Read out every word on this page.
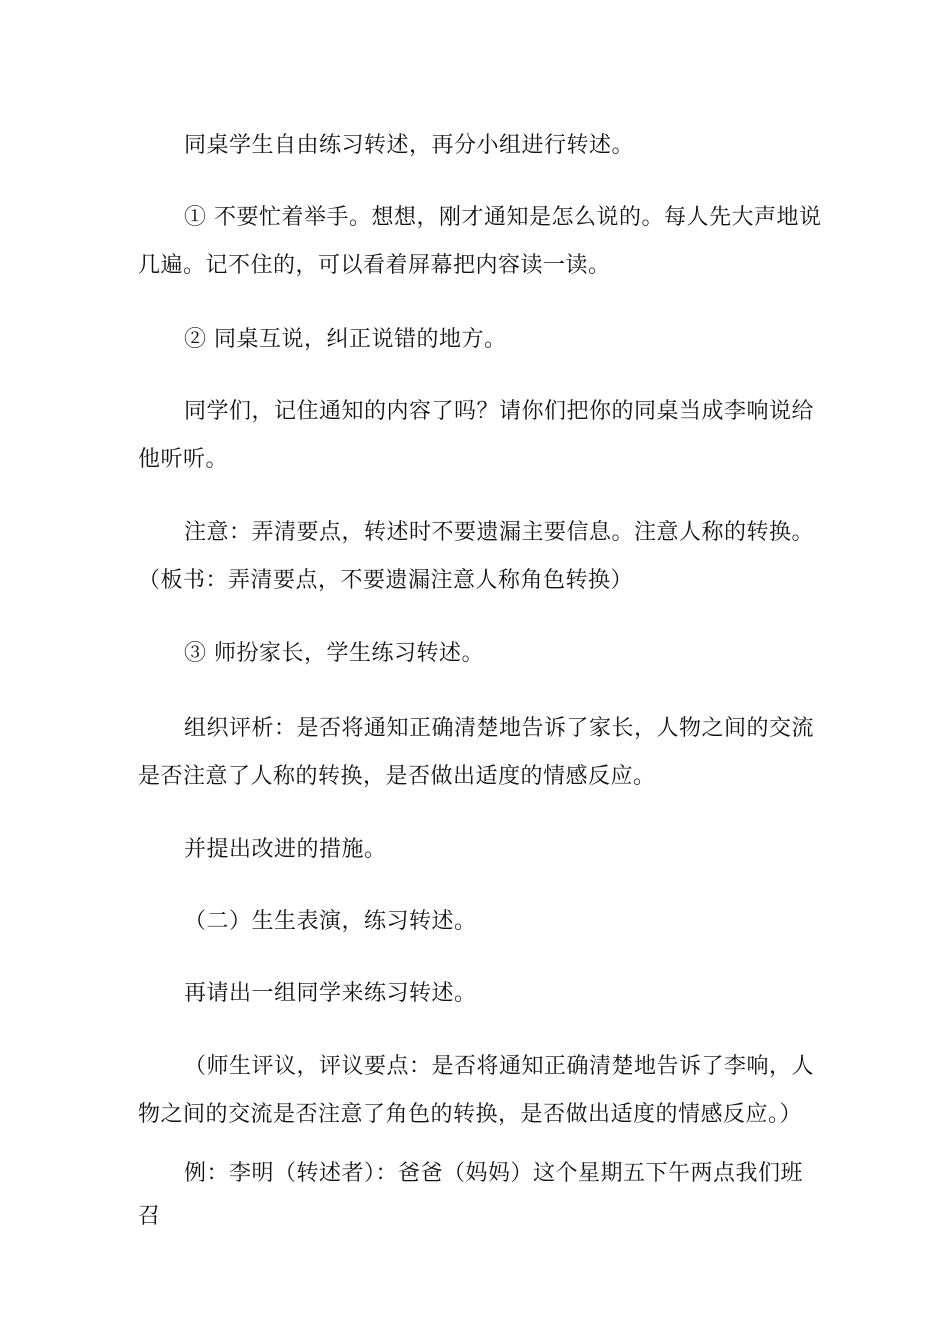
同桌学生自由练习转述，再分小组进行转述。

① 不要忙着举手。想想，刚才通知是怎么说的。每人先大声地说
几遍。记不住的，可以看着屏幕把内容读一读。

② 同桌互说，纠正说错的地方。

同学们，记住通知的内容了吗？请你们把你的同桌当成李响说给
他听听。

注意：弄清要点，转述时不要遗漏主要信息。注意人称的转换。
（板书：弄清要点，不要遗漏注意人称角色转换）

③ 师扮家长，学生练习转述。

组织评析：是否将通知正确清楚地告诉了家长，人物之间的交流
是否注意了人称的转换，是否做出适度的情感反应。

并提出改进的措施。

（二）生生表演，练习转述。

再请出一组同学来练习转述。

（师生评议，评议要点：是否将通知正确清楚地告诉了李响，人
物之间的交流是否注意了角色的转换，是否做出适度的情感反应。）

例：李明（转述者）：爸爸（妈妈）这个星期五下午两点我们班
召
